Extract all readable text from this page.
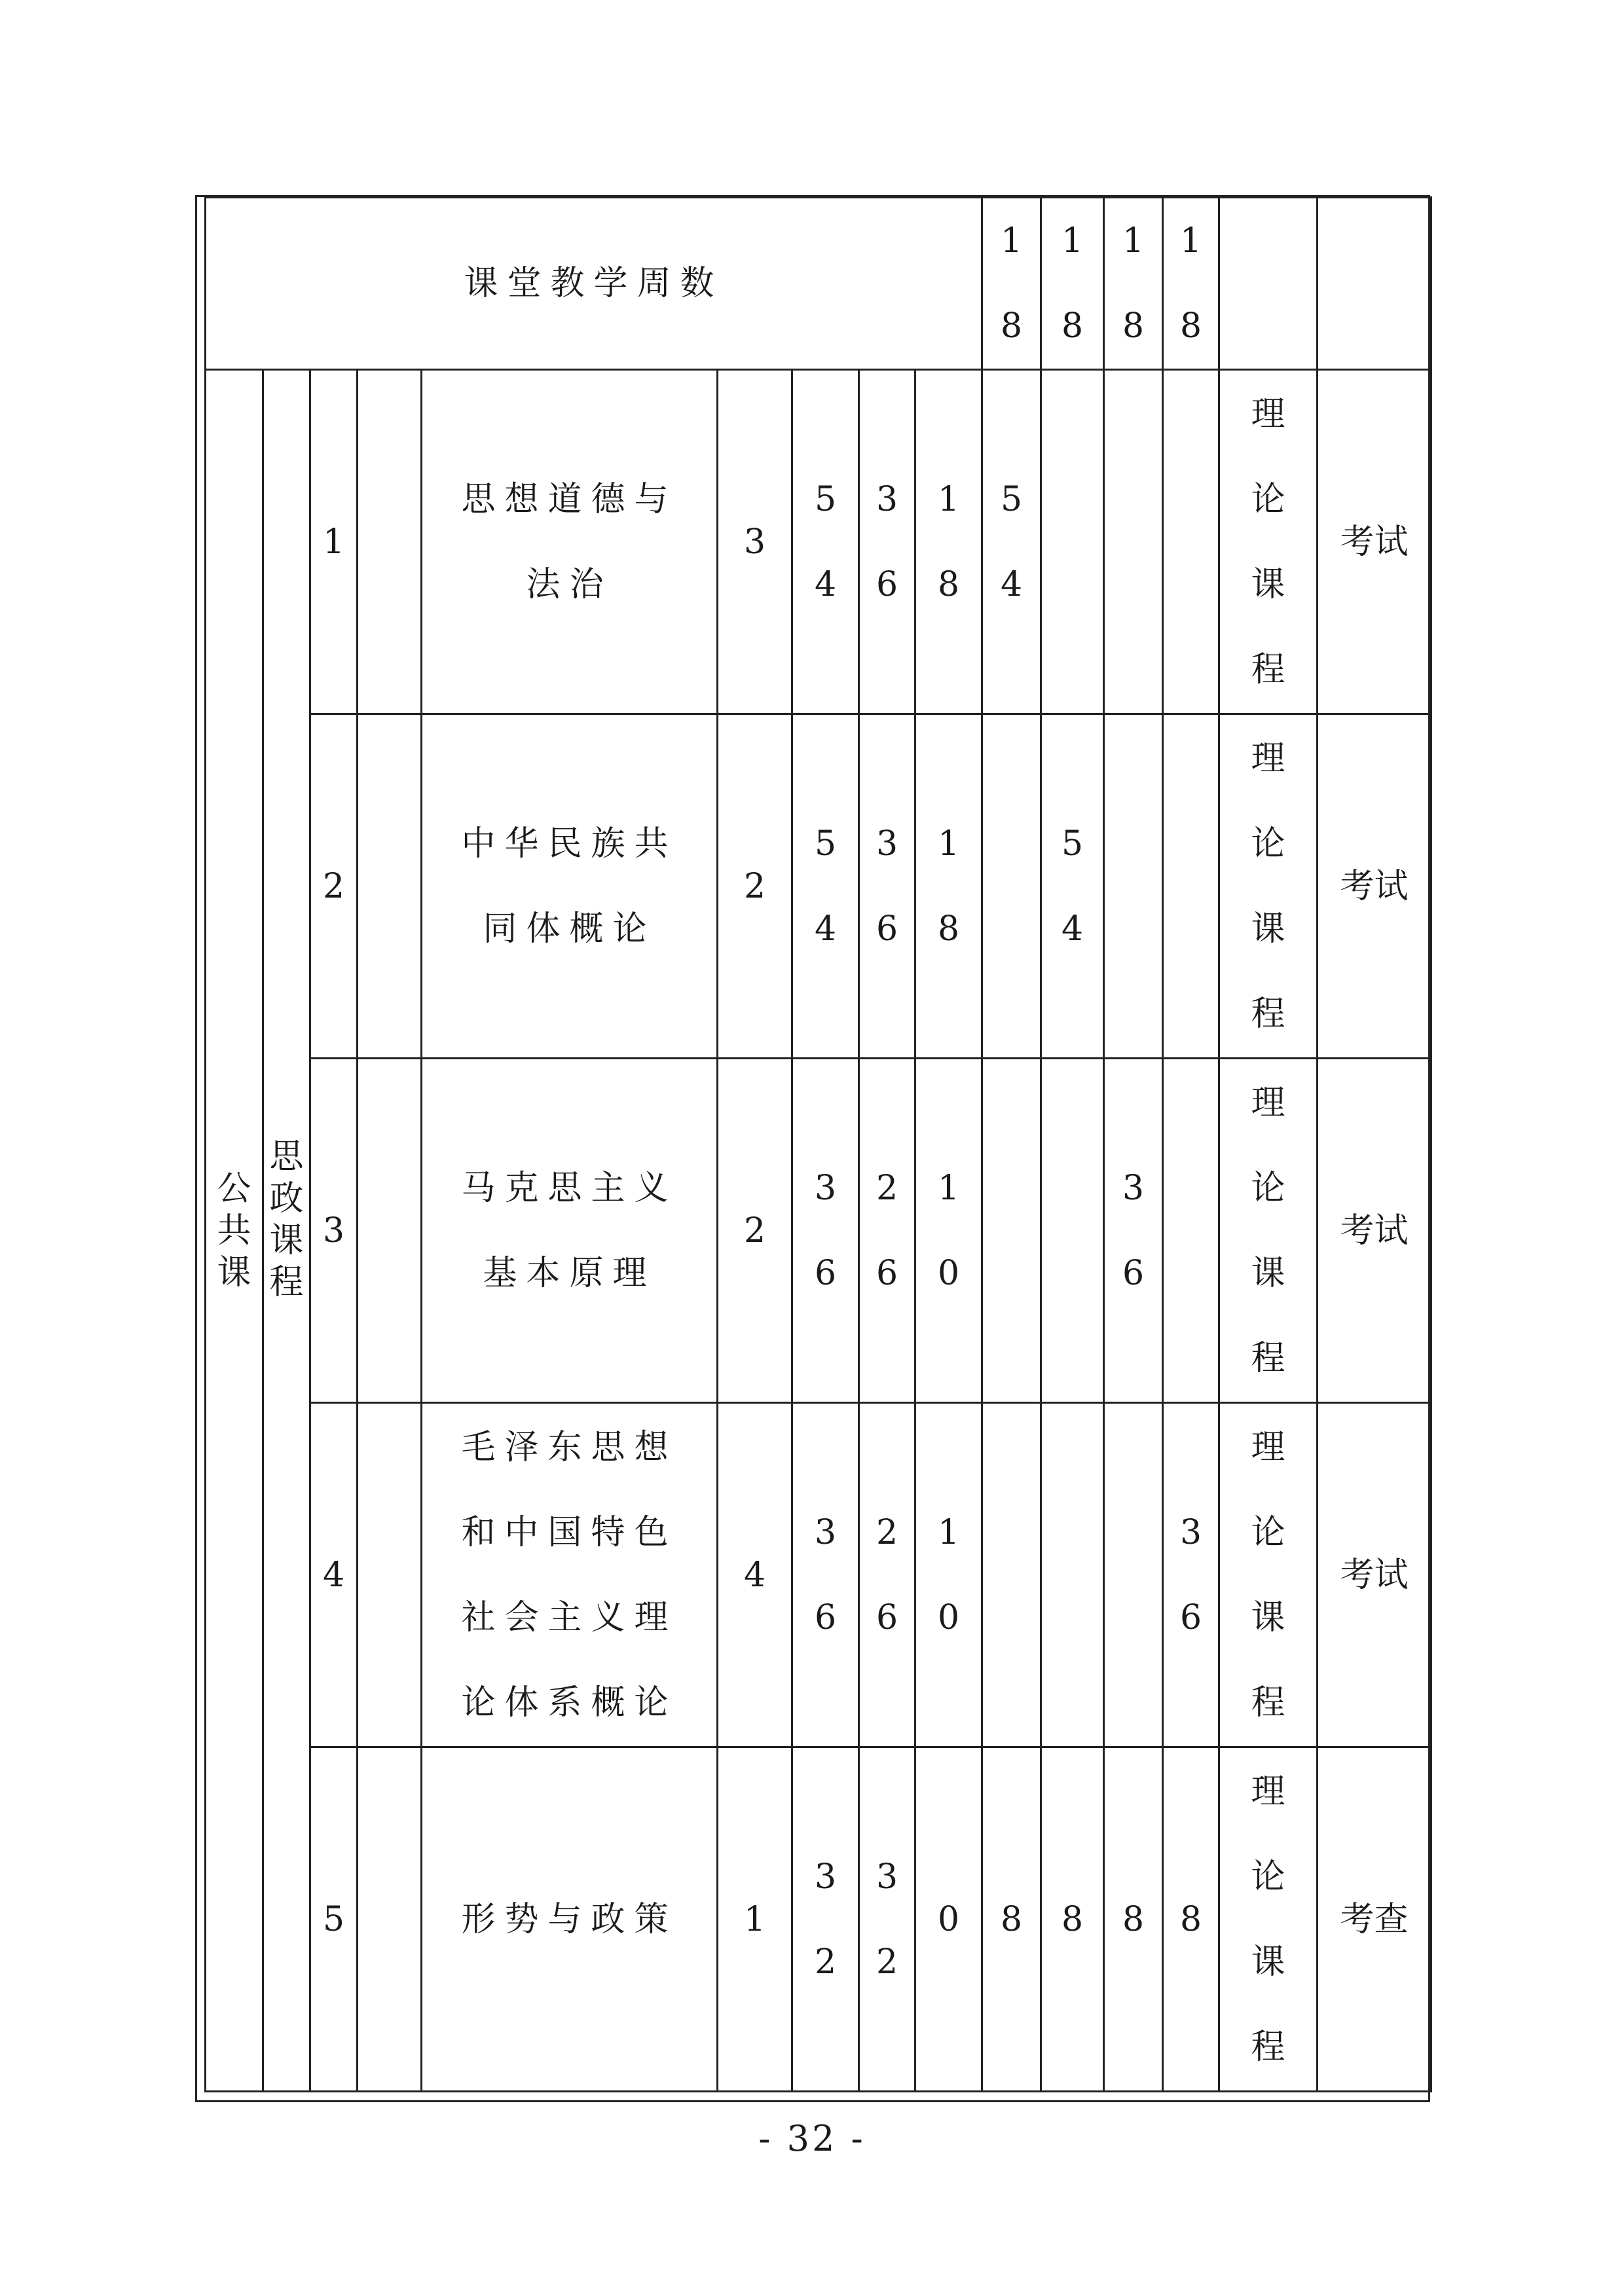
课堂教学周数									18	18	18	18		
公共课	思政课程	1		思想道德与法治	3	54	36	18	54				理论课程	考试
		2		中华民族共同体概论	2	54	36	18		54			理论课程	考试
		3		马克思主义基本原理	2	36	26	10			36		理论课程	考试
		4		毛泽东思想和中国特色社会主义理论体系概论	4	36	26	10				36	理论课程	考试
		5		形势与政策	1	32	32	0	8	8	8	8	理论课程	考查
- 32 -
